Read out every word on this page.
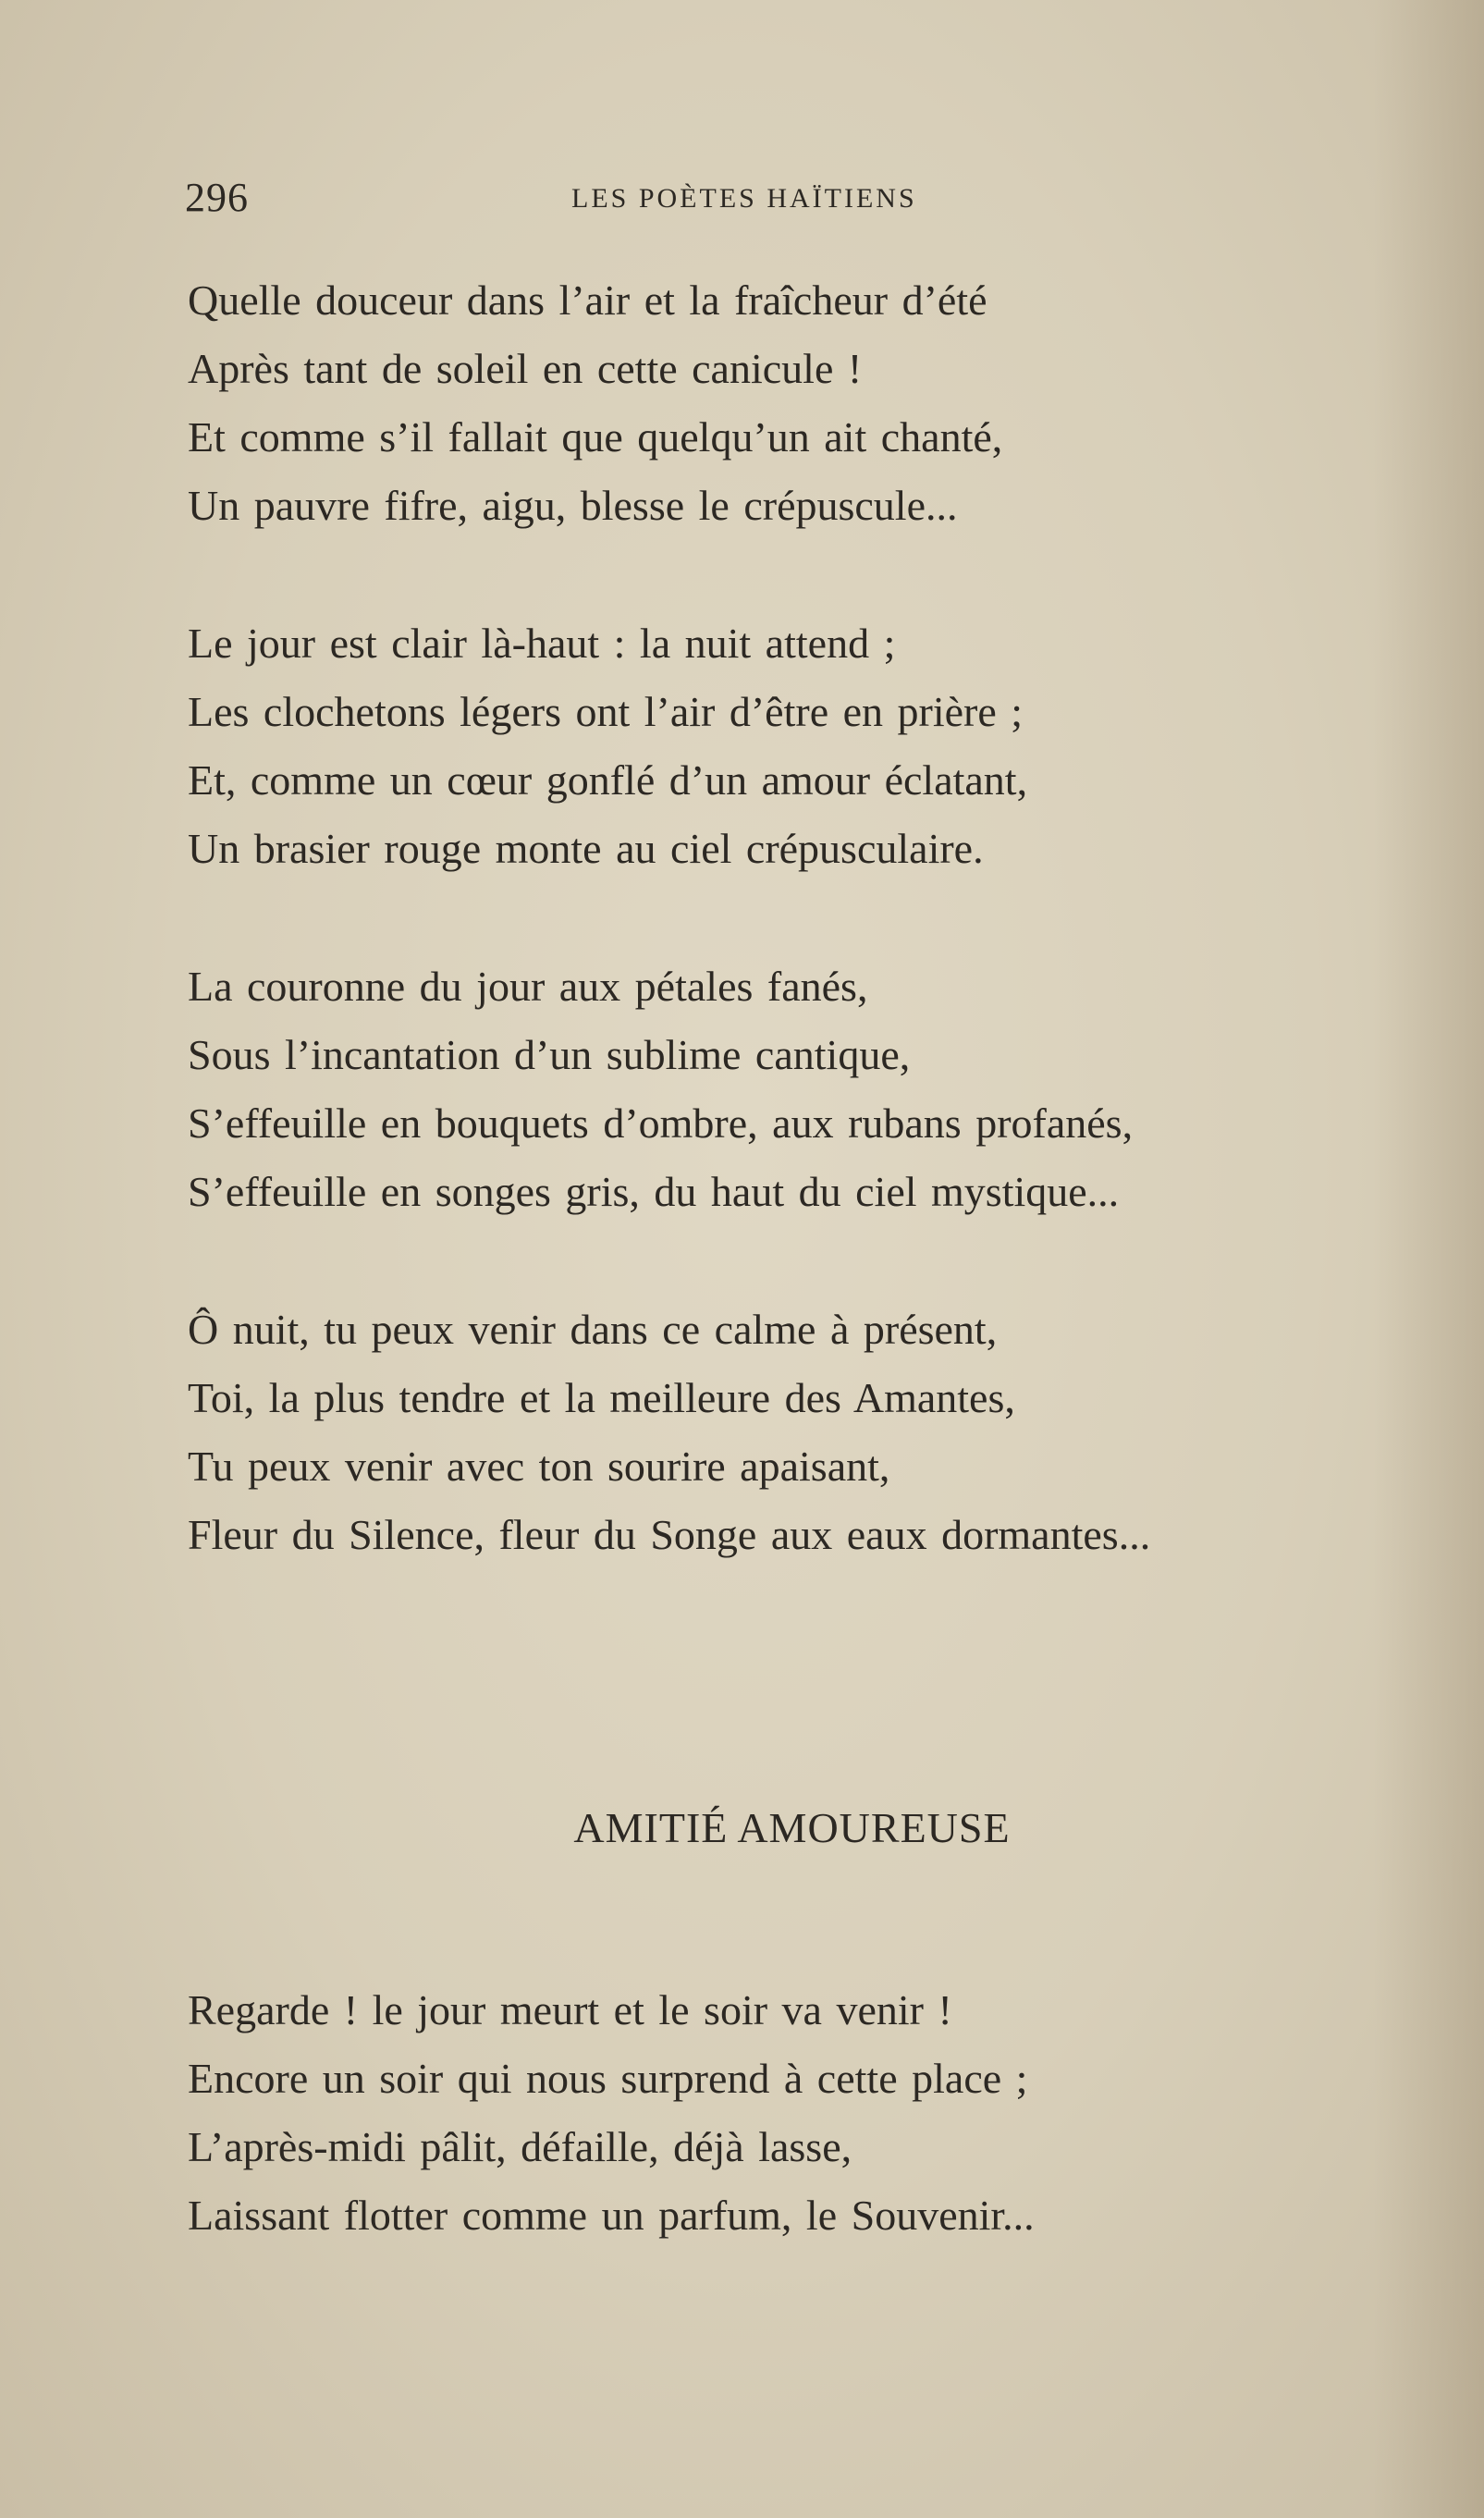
296	LES POÈTES HAÏTIENS
Quelle douceur dans l’air et la fraîcheur d’été
Après tant de soleil en cette canicule !
Et comme s’il fallait que quelqu’un ait chanté,
Un pauvre fifre, aigu, blesse le crépuscule...
Le jour est clair là-haut : la nuit attend ;
Les clochetons légers ont l’air d’être en prière ;
Et, comme un cœur gonflé d’un amour éclatant,
Un brasier rouge monte au ciel crépusculaire.
La couronne du jour aux pétales fanés,
Sous l’incantation d’un sublime cantique,
S’effeuille en bouquets d’ombre, aux rubans profanés,
S’effeuille en songes gris, du haut du ciel mystique...
Ô nuit, tu peux venir dans ce calme à présent,
Toi, la plus tendre et la meilleure des Amantes,
Tu peux venir avec ton sourire apaisant,
Fleur du Silence, fleur du Songe aux eaux dormantes...
AMITIÉ AMOUREUSE
Regarde ! le jour meurt et le soir va venir !
Encore un soir qui nous surprend à cette place ;
L’après-midi pâlit, défaille, déjà lasse,
Laissant flotter comme un parfum, le Souvenir...
